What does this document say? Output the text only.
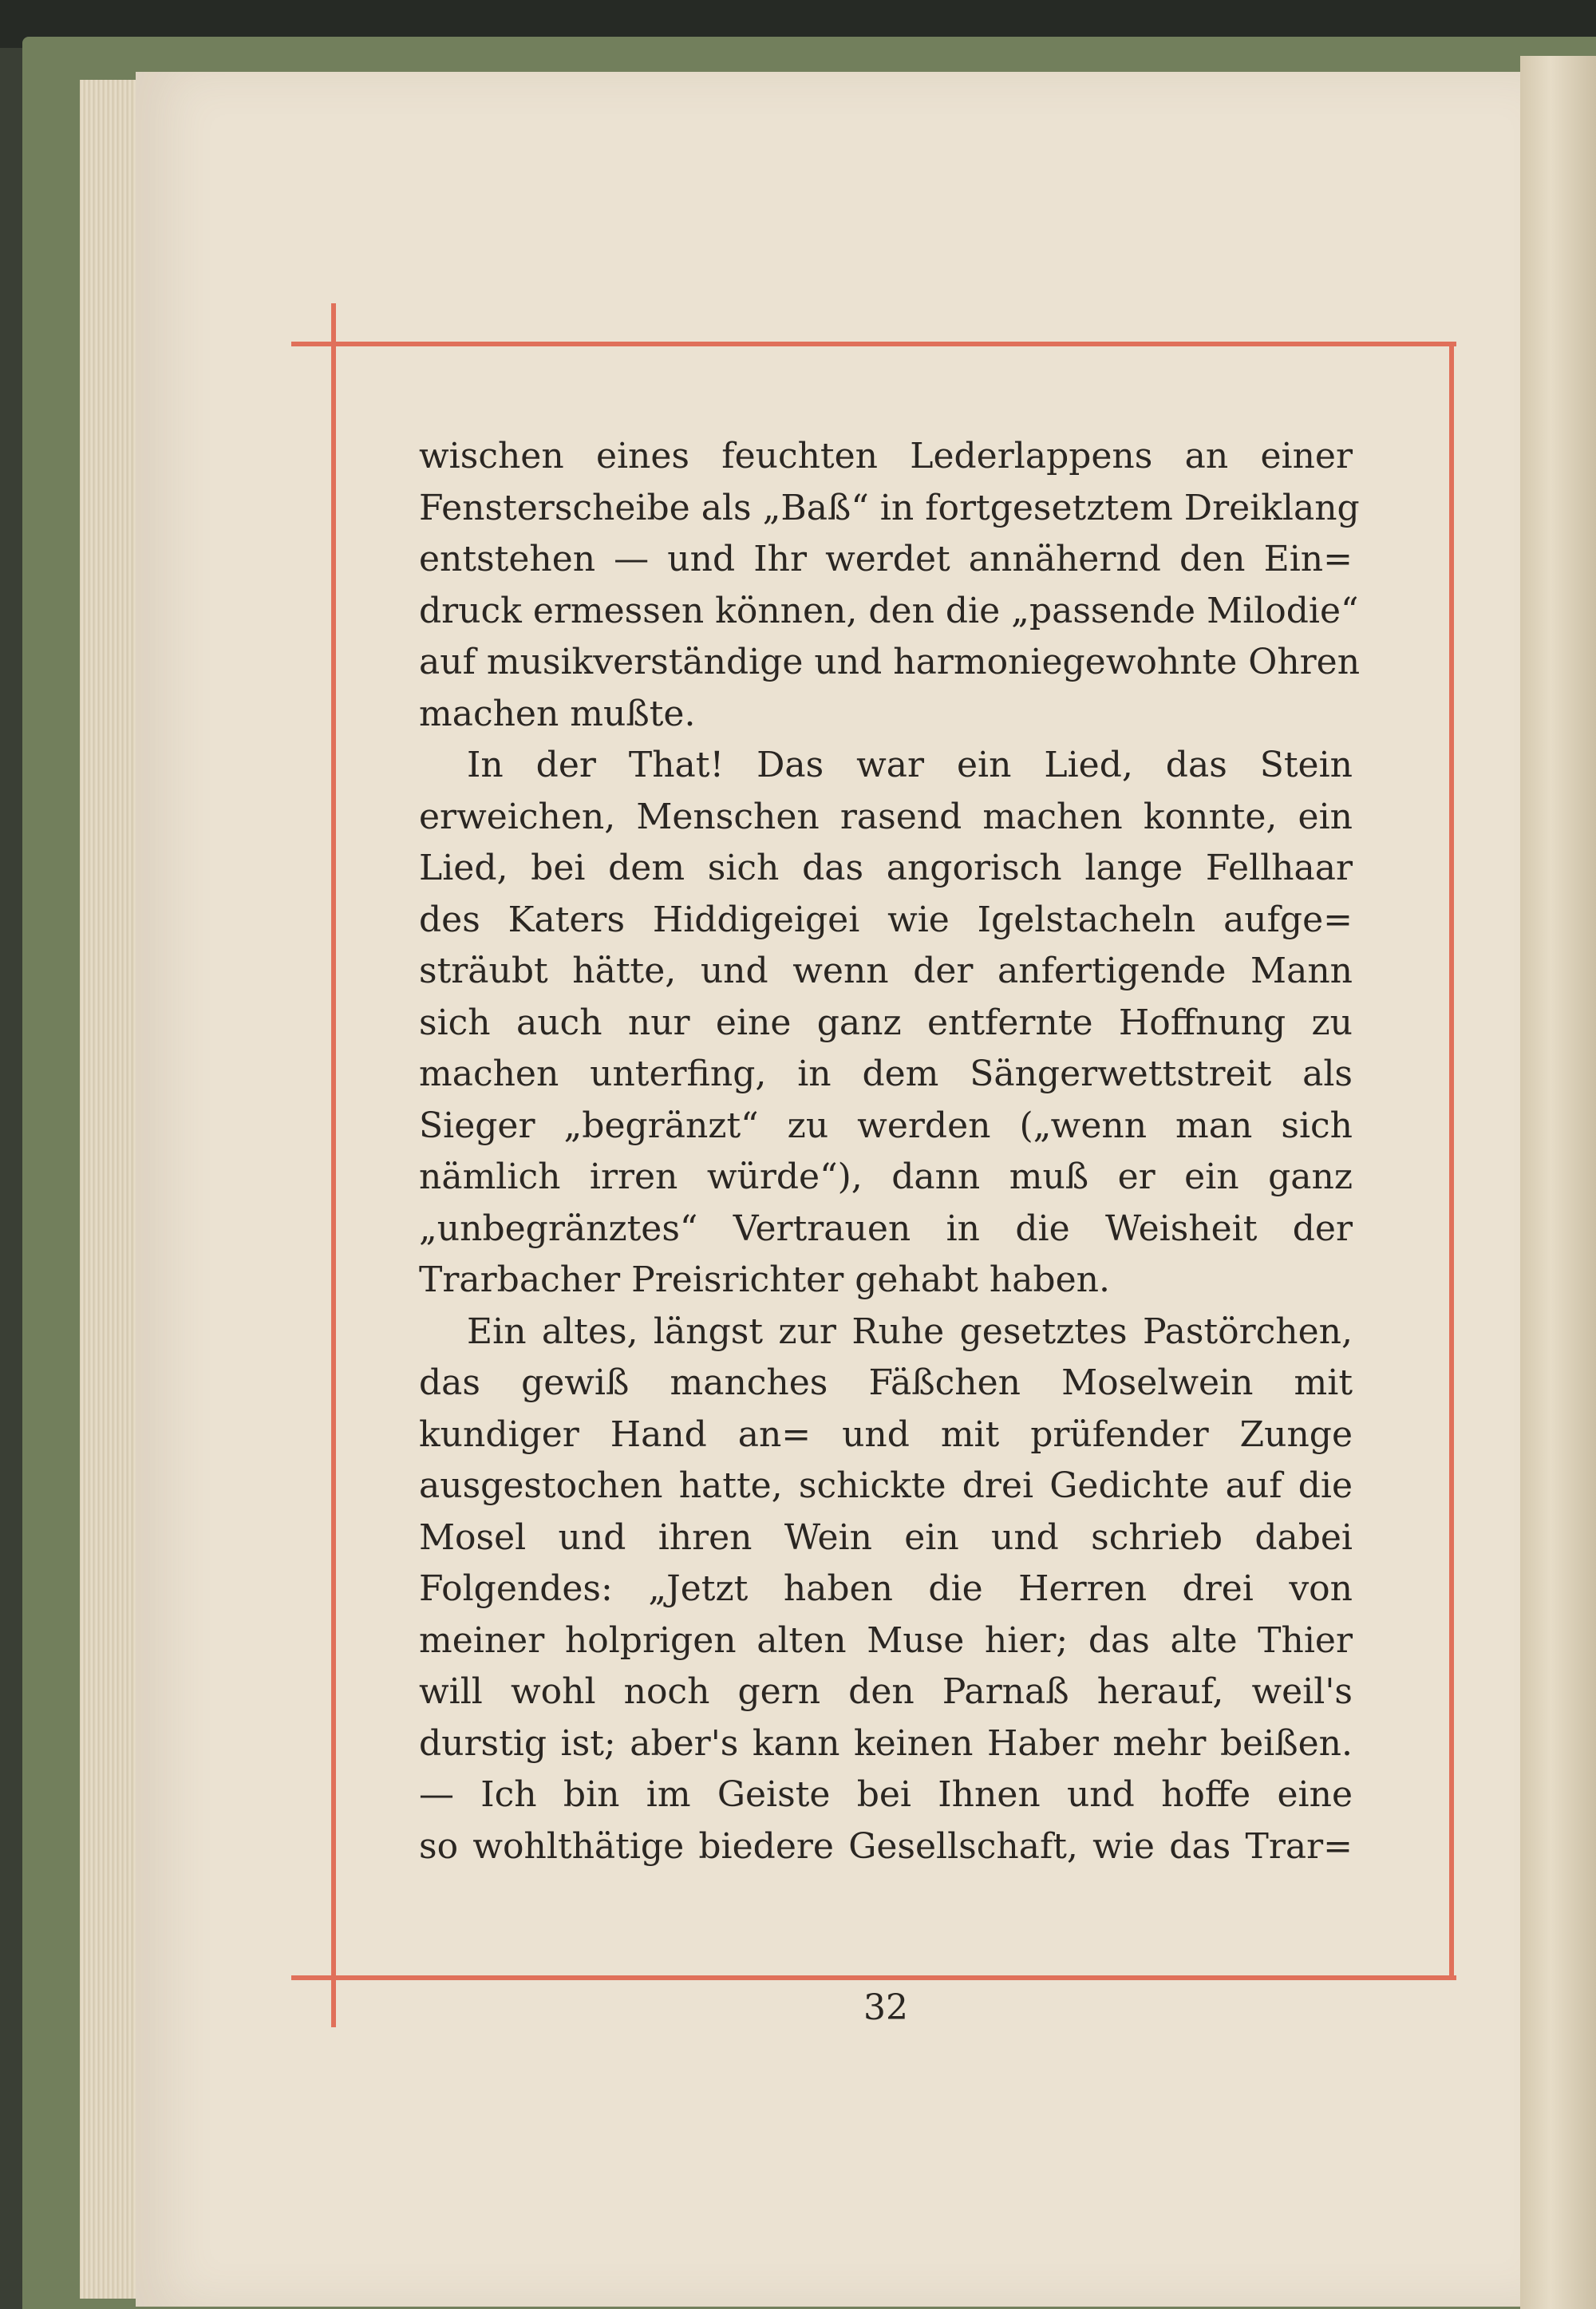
wischen eines feuchten Lederlappens an einer
Fensterscheibe als „Baß“ in fortgesetztem Dreiklang
entstehen — und Ihr werdet annähernd den Ein=
druck ermessen können, den die „passende Milodie“
auf musikverständige und harmoniegewohnte Ohren
machen mußte.
In der That! Das war ein Lied, das Stein
erweichen, Menschen rasend machen konnte, ein
Lied, bei dem sich das angorisch lange Fellhaar
des Katers Hiddigeigei wie Igelstacheln aufge=
sträubt hätte, und wenn der anfertigende Mann
sich auch nur eine ganz entfernte Hoffnung zu
machen unterfing, in dem Sängerwettstreit als
Sieger „begränzt“ zu werden („wenn man sich
nämlich irren würde“), dann muß er ein ganz
„unbegränztes“ Vertrauen in die Weisheit der
Trarbacher Preisrichter gehabt haben.
Ein altes, längst zur Ruhe gesetztes Pastörchen,
das gewiß manches Fäßchen Moselwein mit
kundiger Hand an= und mit prüfender Zunge
ausgestochen hatte, schickte drei Gedichte auf die
Mosel und ihren Wein ein und schrieb dabei
Folgendes: „Jetzt haben die Herren drei von
meiner holprigen alten Muse hier; das alte Thier
will wohl noch gern den Parnaß herauf, weil's
durstig ist; aber's kann keinen Haber mehr beißen.
— Ich bin im Geiste bei Ihnen und hoffe eine
so wohlthätige biedere Gesellschaft, wie das Trar=
32
